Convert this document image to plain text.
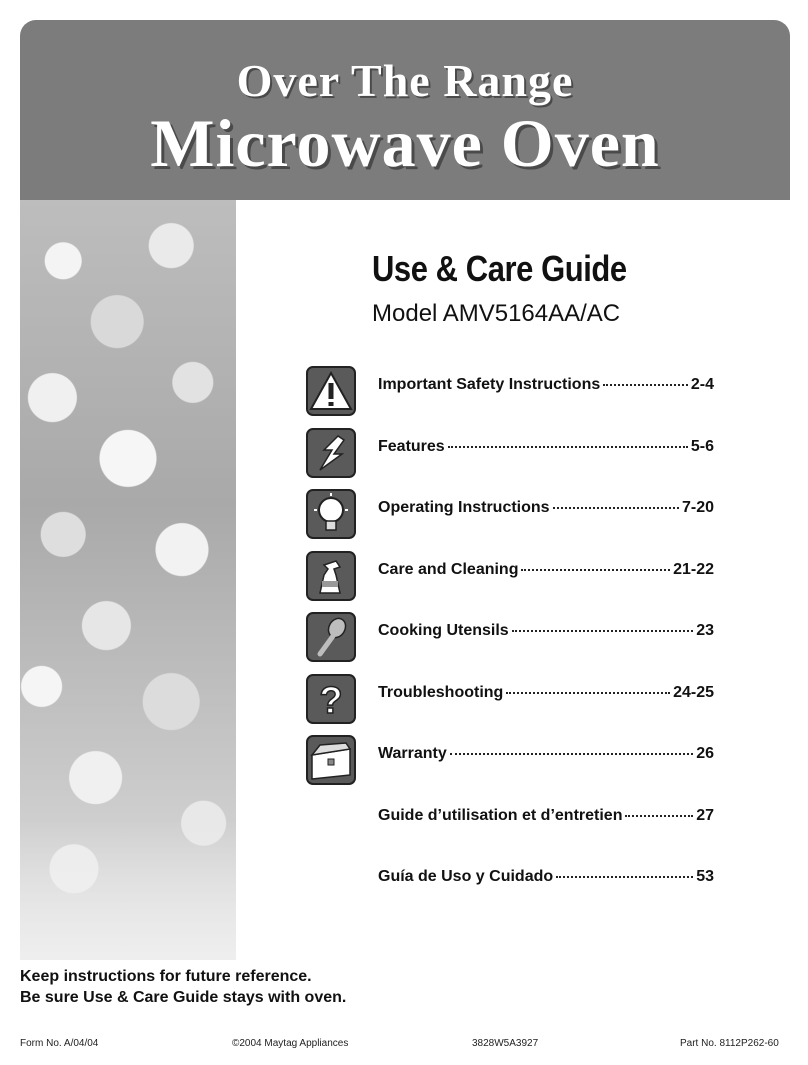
Over The Range
Microwave Oven
Use & Care Guide
Model AMV5164AA/AC
Important Safety Instructions	2-4
Features	5-6
Operating Instructions	7-20
Care and Cleaning	21-22
Cooking Utensils	23
? Troubleshooting	24-25
Warranty	26
Guide d’utilisation et d’entretien	27
Guía de Uso y Cuidado	53
Keep instructions for future reference.
Be sure Use & Care Guide stays with oven.
Form No. A/04/04	©2004 Maytag Appliances	3828W5A3927	Part No. 8112P262-60
